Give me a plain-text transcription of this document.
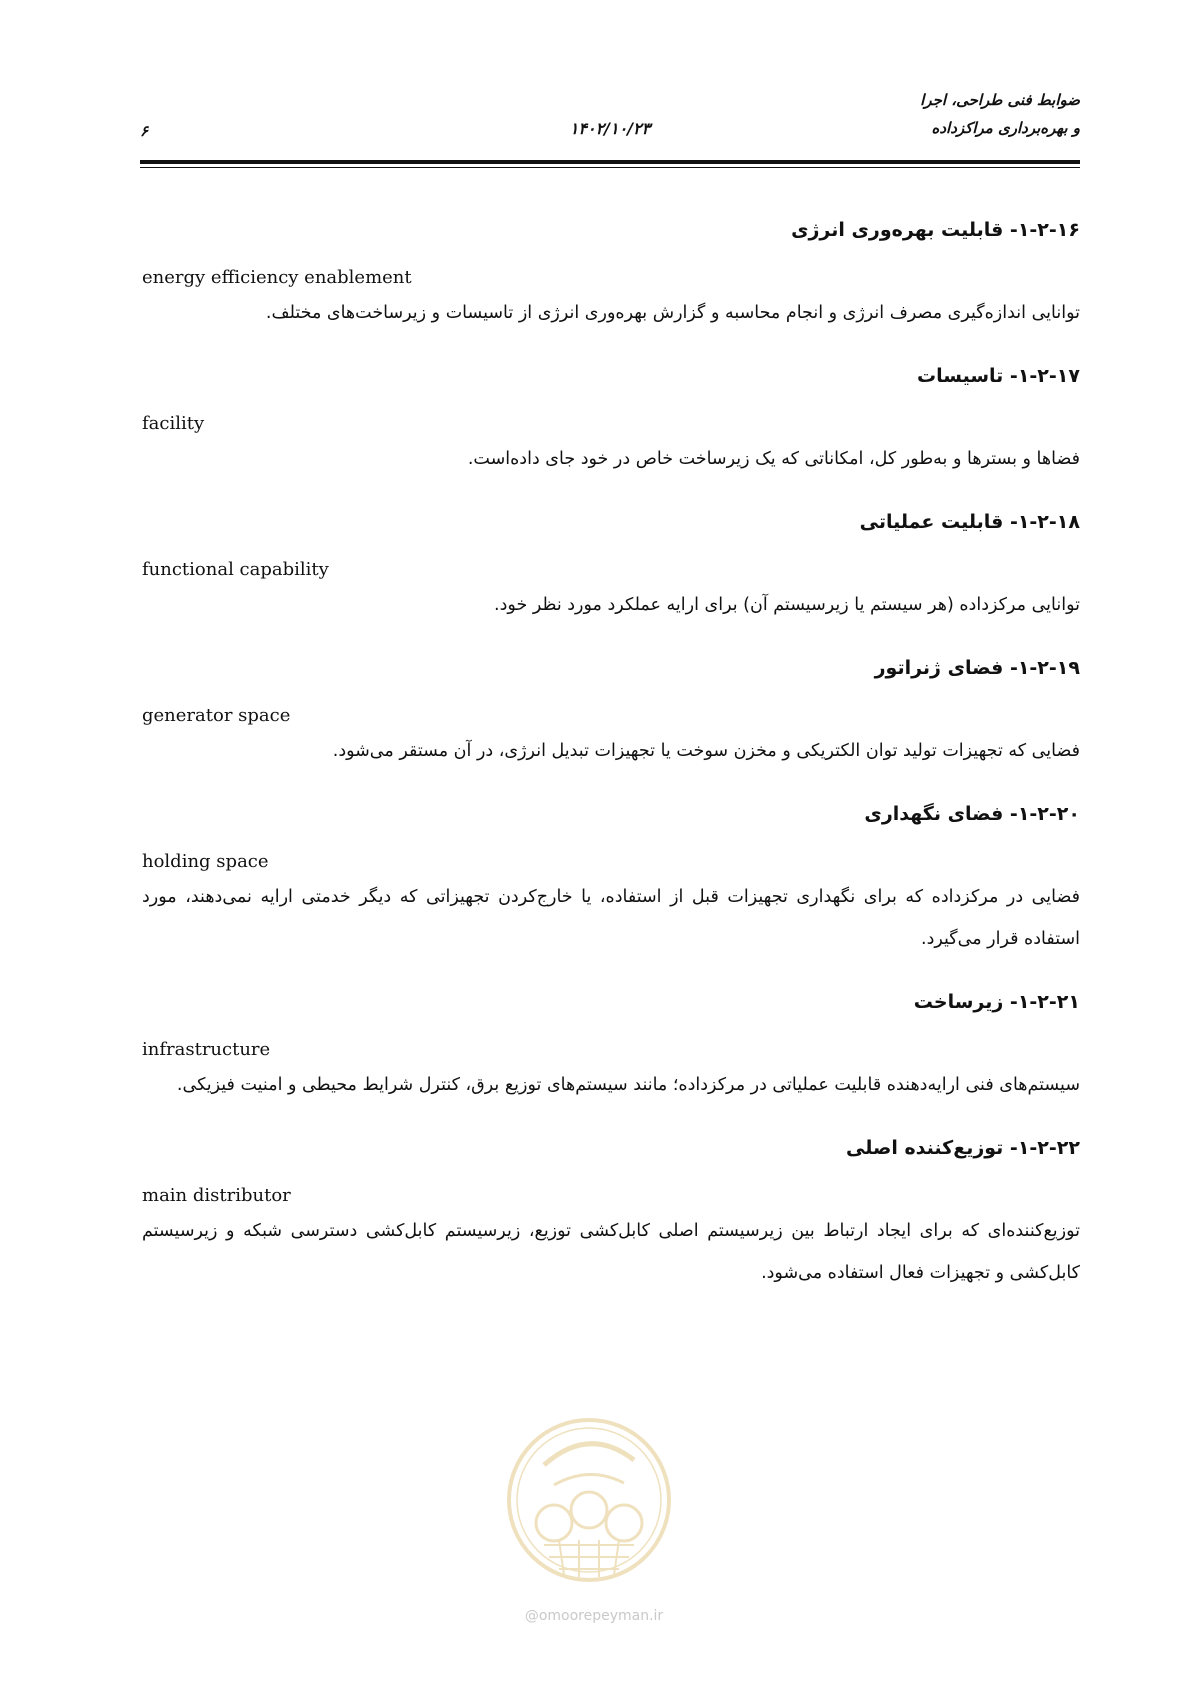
ضوابط فنی طراحی، اجرا
و بهره‌برداری مراکزداده
۱۴۰۲/۱۰/۲۳
۶
۱-۲-۱۶- قابلیت بهره‌وری انرژی
energy efficiency enablement
توانایی اندازه‌گیری مصرف انرژی و انجام محاسبه و گزارش بهره‌وری انرژی از تاسیسات و زیرساخت‌های مختلف.
۱-۲-۱۷- تاسیسات
facility
فضاها و بسترها و به‌طور کل، امکاناتی که یک زیرساخت خاص در خود جای داده‌است.
۱-۲-۱۸- قابلیت عملیاتی
functional capability
توانایی مرکزداده (هر سیستم یا زیرسیستم آن) برای ارایه عملکرد مورد نظر خود.
۱-۲-۱۹- فضای ژنراتور
generator space
فضایی که تجهیزات تولید توان الکتریکی و مخزن سوخت یا تجهیزات تبدیل انرژی، در آن مستقر می‌شود.
۱-۲-۲۰- فضای نگهداری
holding space
فضایی در مرکزداده که برای نگهداری تجهیزات قبل از استفاده، یا خارج‌کردن تجهیزاتی که دیگر خدمتی ارایه نمی‌دهند، مورد استفاده قرار می‌گیرد.
۱-۲-۲۱- زیرساخت
infrastructure
سیستم‌های فنی ارایه‌دهنده قابلیت عملیاتی در مرکزداده؛ مانند سیستم‌های توزیع برق، کنترل شرایط محیطی و امنیت فیزیکی.
۱-۲-۲۲- توزیع‌کننده اصلی
main distributor
توزیع‌کننده‌ای که برای ایجاد ارتباط بین زیرسیستم اصلی کابل‌کشی توزیع، زیرسیستم کابل‌کشی دسترسی شبکه و زیرسیستم کابل‌کشی و تجهیزات فعال استفاده می‌شود.
@omoorepeyman.ir
